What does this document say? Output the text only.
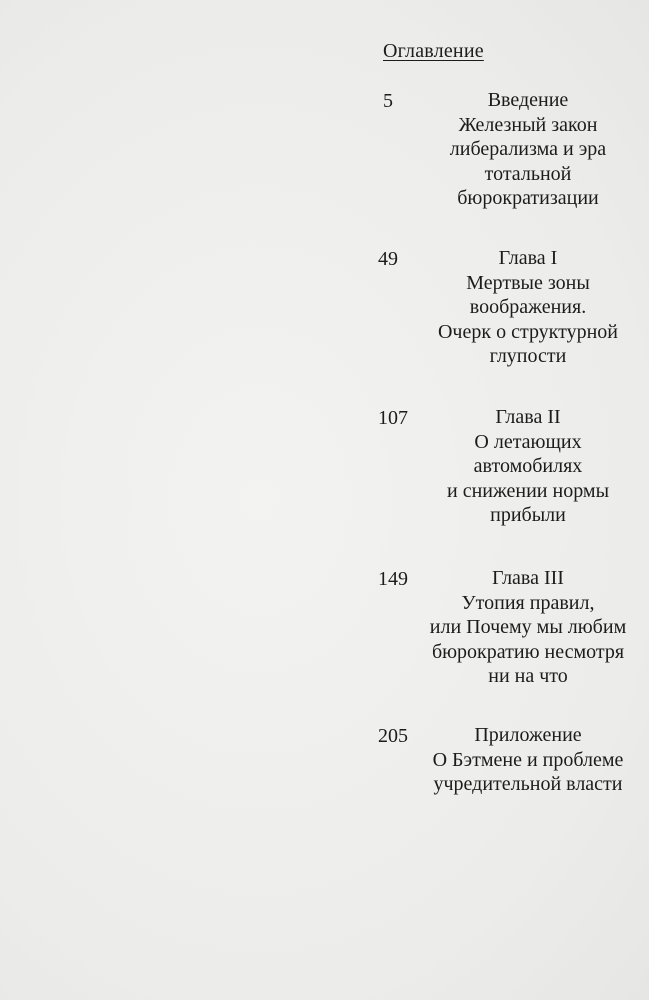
Оглавление
5	Введение
Железный закон
либерализма и эра
тотальной
бюрократизации
49	Глава I
Мертвые зоны
воображения.
Очерк о структурной
глупости
107	Глава II
О летающих
автомобилях
и снижении нормы
прибыли
149	Глава III
Утопия правил,
или Почему мы любим
бюрократию несмотря
ни на что
205	Приложение
О Бэтмене и проблеме
учредительной власти
